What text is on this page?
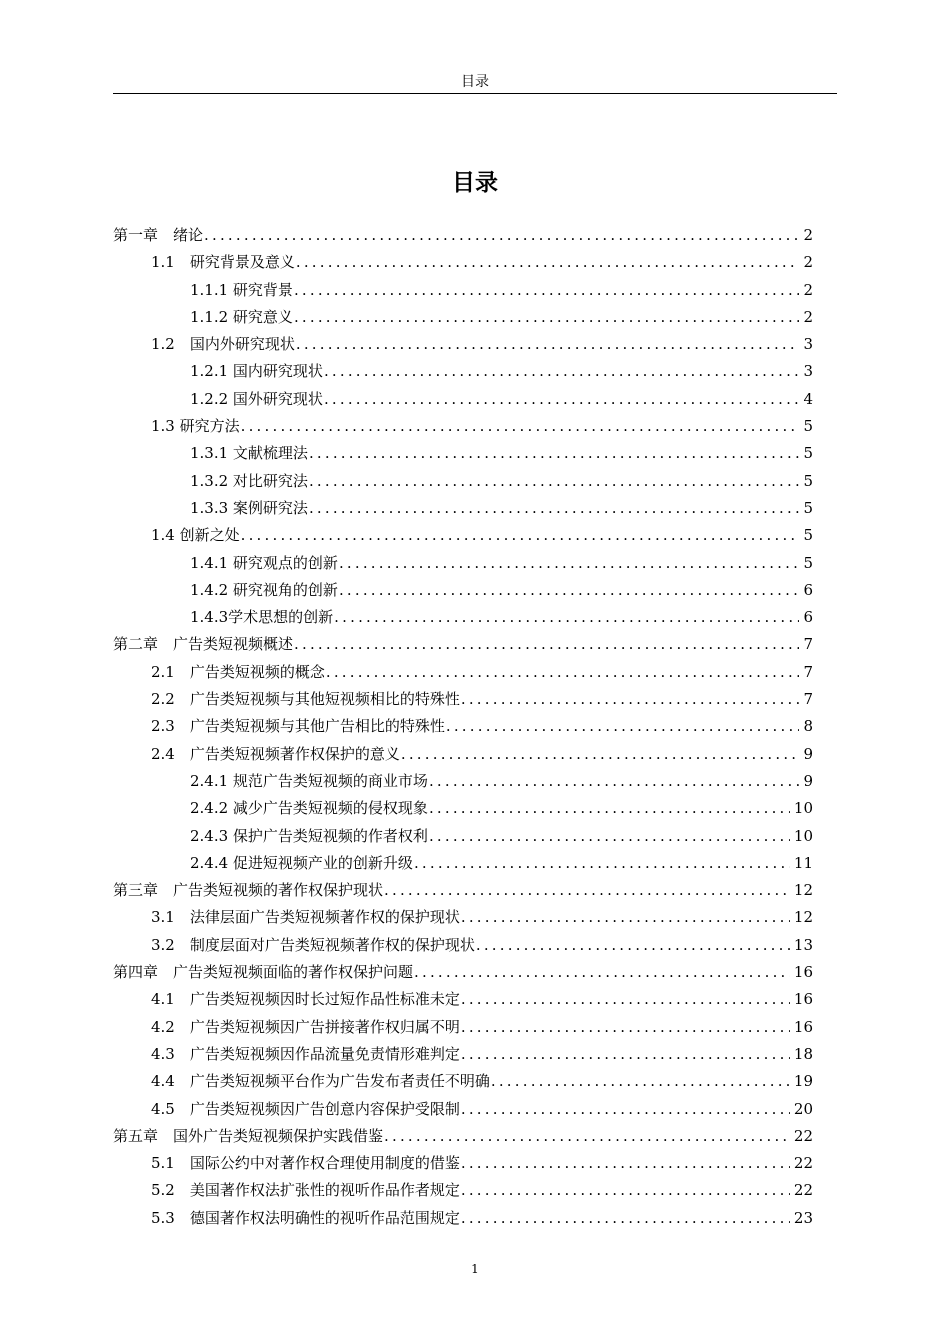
目录
目录
第一章　绪论 .....	2
1.1　研究背景及意义 .....	2
1.1.1 研究背景 .....	2
1.1.2 研究意义 .....	2
1.2　国内外研究现状 .....	3
1.2.1 国内研究现状 .....	3
1.2.2 国外研究现状 .....	4
1.3 研究方法 .....	5
1.3.1 文献梳理法 .....	5
1.3.2 对比研究法 .....	5
1.3.3 案例研究法 .....	5
1.4 创新之处 .....	5
1.4.1 研究观点的创新 .....	5
1.4.2 研究视角的创新 .....	6
1.4.3学术思想的创新 .....	6
第二章　广告类短视频概述 .....	7
2.1　广告类短视频的概念 .....	7
2.2　广告类短视频与其他短视频相比的特殊性 .....	7
2.3　广告类短视频与其他广告相比的特殊性 .....	8
2.4　广告类短视频著作权保护的意义 .....	9
2.4.1 规范广告类短视频的商业市场 .....	9
2.4.2 减少广告类短视频的侵权现象 .....	10
2.4.3 保护广告类短视频的作者权利 .....	10
2.4.4 促进短视频产业的创新升级 .....	11
第三章　广告类短视频的著作权保护现状 .....	12
3.1　法律层面广告类短视频著作权的保护现状 .....	12
3.2　制度层面对广告类短视频著作权的保护现状 .....	13
第四章　广告类短视频面临的著作权保护问题 .....	16
4.1　广告类短视频因时长过短作品性标准未定 .....	16
4.2　广告类短视频因广告拼接著作权归属不明 .....	16
4.3　广告类短视频因作品流量免责情形难判定 .....	18
4.4　广告类短视频平台作为广告发布者责任不明确 .....	19
4.5　广告类短视频因广告创意内容保护受限制 .....	20
第五章　国外广告类短视频保护实践借鉴 .....	22
5.1　国际公约中对著作权合理使用制度的借鉴 .....	22
5.2　美国著作权法扩张性的视听作品作者规定 .....	22
5.3　德国著作权法明确性的视听作品范围规定 .....	23
1
